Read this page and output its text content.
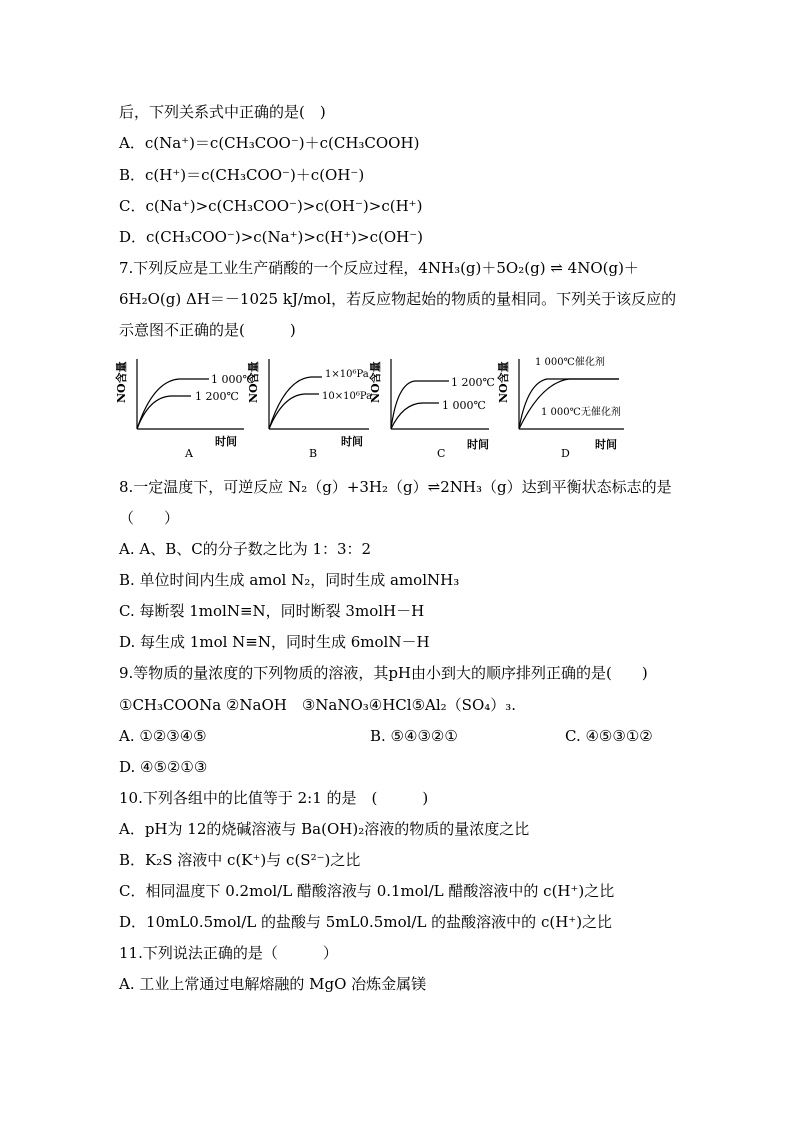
后，下列关系式中正确的是(　)
A．c(Na⁺)＝c(CH₃COO⁻)＋c(CH₃COOH)
B．c(H⁺)＝c(CH₃COO⁻)＋c(OH⁻)
C．c(Na⁺)>c(CH₃COO⁻)>c(OH⁻)>c(H⁺)
D．c(CH₃COO⁻)>c(Na⁺)>c(H⁺)>c(OH⁻)
7.下列反应是工业生产硝酸的一个反应过程，4NH₃(g)＋5O₂(g) ⇌ 4NO(g)＋
6H₂O(g) ΔH＝－1025 kJ/mol，若反应物起始的物质的量相同。下列关于该反应的
示意图不正确的是(　　　)
NO含量	NO含量	NO含量	NO含量
时间	时间	时间	时间
1 000℃
1 200℃
1×10⁶Pa
10×10⁶Pa
1 200℃
1 000℃
1 000℃催化剂
1 000℃无催化剂
A	B	C	D
8.一定温度下，可逆反应 N₂（g）+3H₂（g）⇌2NH₃（g）达到平衡状态标志的是
（　　）
A. A、B、C的分子数之比为 1：3：2
B. 单位时间内生成 amol N₂，同时生成 amolNH₃
C. 每断裂 1molN≡N，同时断裂 3molH－H
D. 每生成 1mol N≡N，同时生成 6molN－H
9.等物质的量浓度的下列物质的溶液，其pH由小到大的顺序排列正确的是(　　)
①CH₃COONa ②NaOH　③NaNO₃④HCl⑤Al₂（SO₄）₃.
A. ①②③④⑤	B. ⑤④③②①	C. ④⑤③①②
D. ④⑤②①③
10.下列各组中的比值等于 2:1 的是　(　　　)
A．pH为 12的烧碱溶液与 Ba(OH)₂溶液的物质的量浓度之比
B．K₂S 溶液中 c(K⁺)与 c(S²⁻)之比
C．相同温度下 0.2mol/L 醋酸溶液与 0.1mol/L 醋酸溶液中的 c(H⁺)之比
D．10mL0.5mol/L 的盐酸与 5mL0.5mol/L 的盐酸溶液中的 c(H⁺)之比
11.下列说法正确的是（　　　）
A. 工业上常通过电解熔融的 MgO 冶炼金属镁
